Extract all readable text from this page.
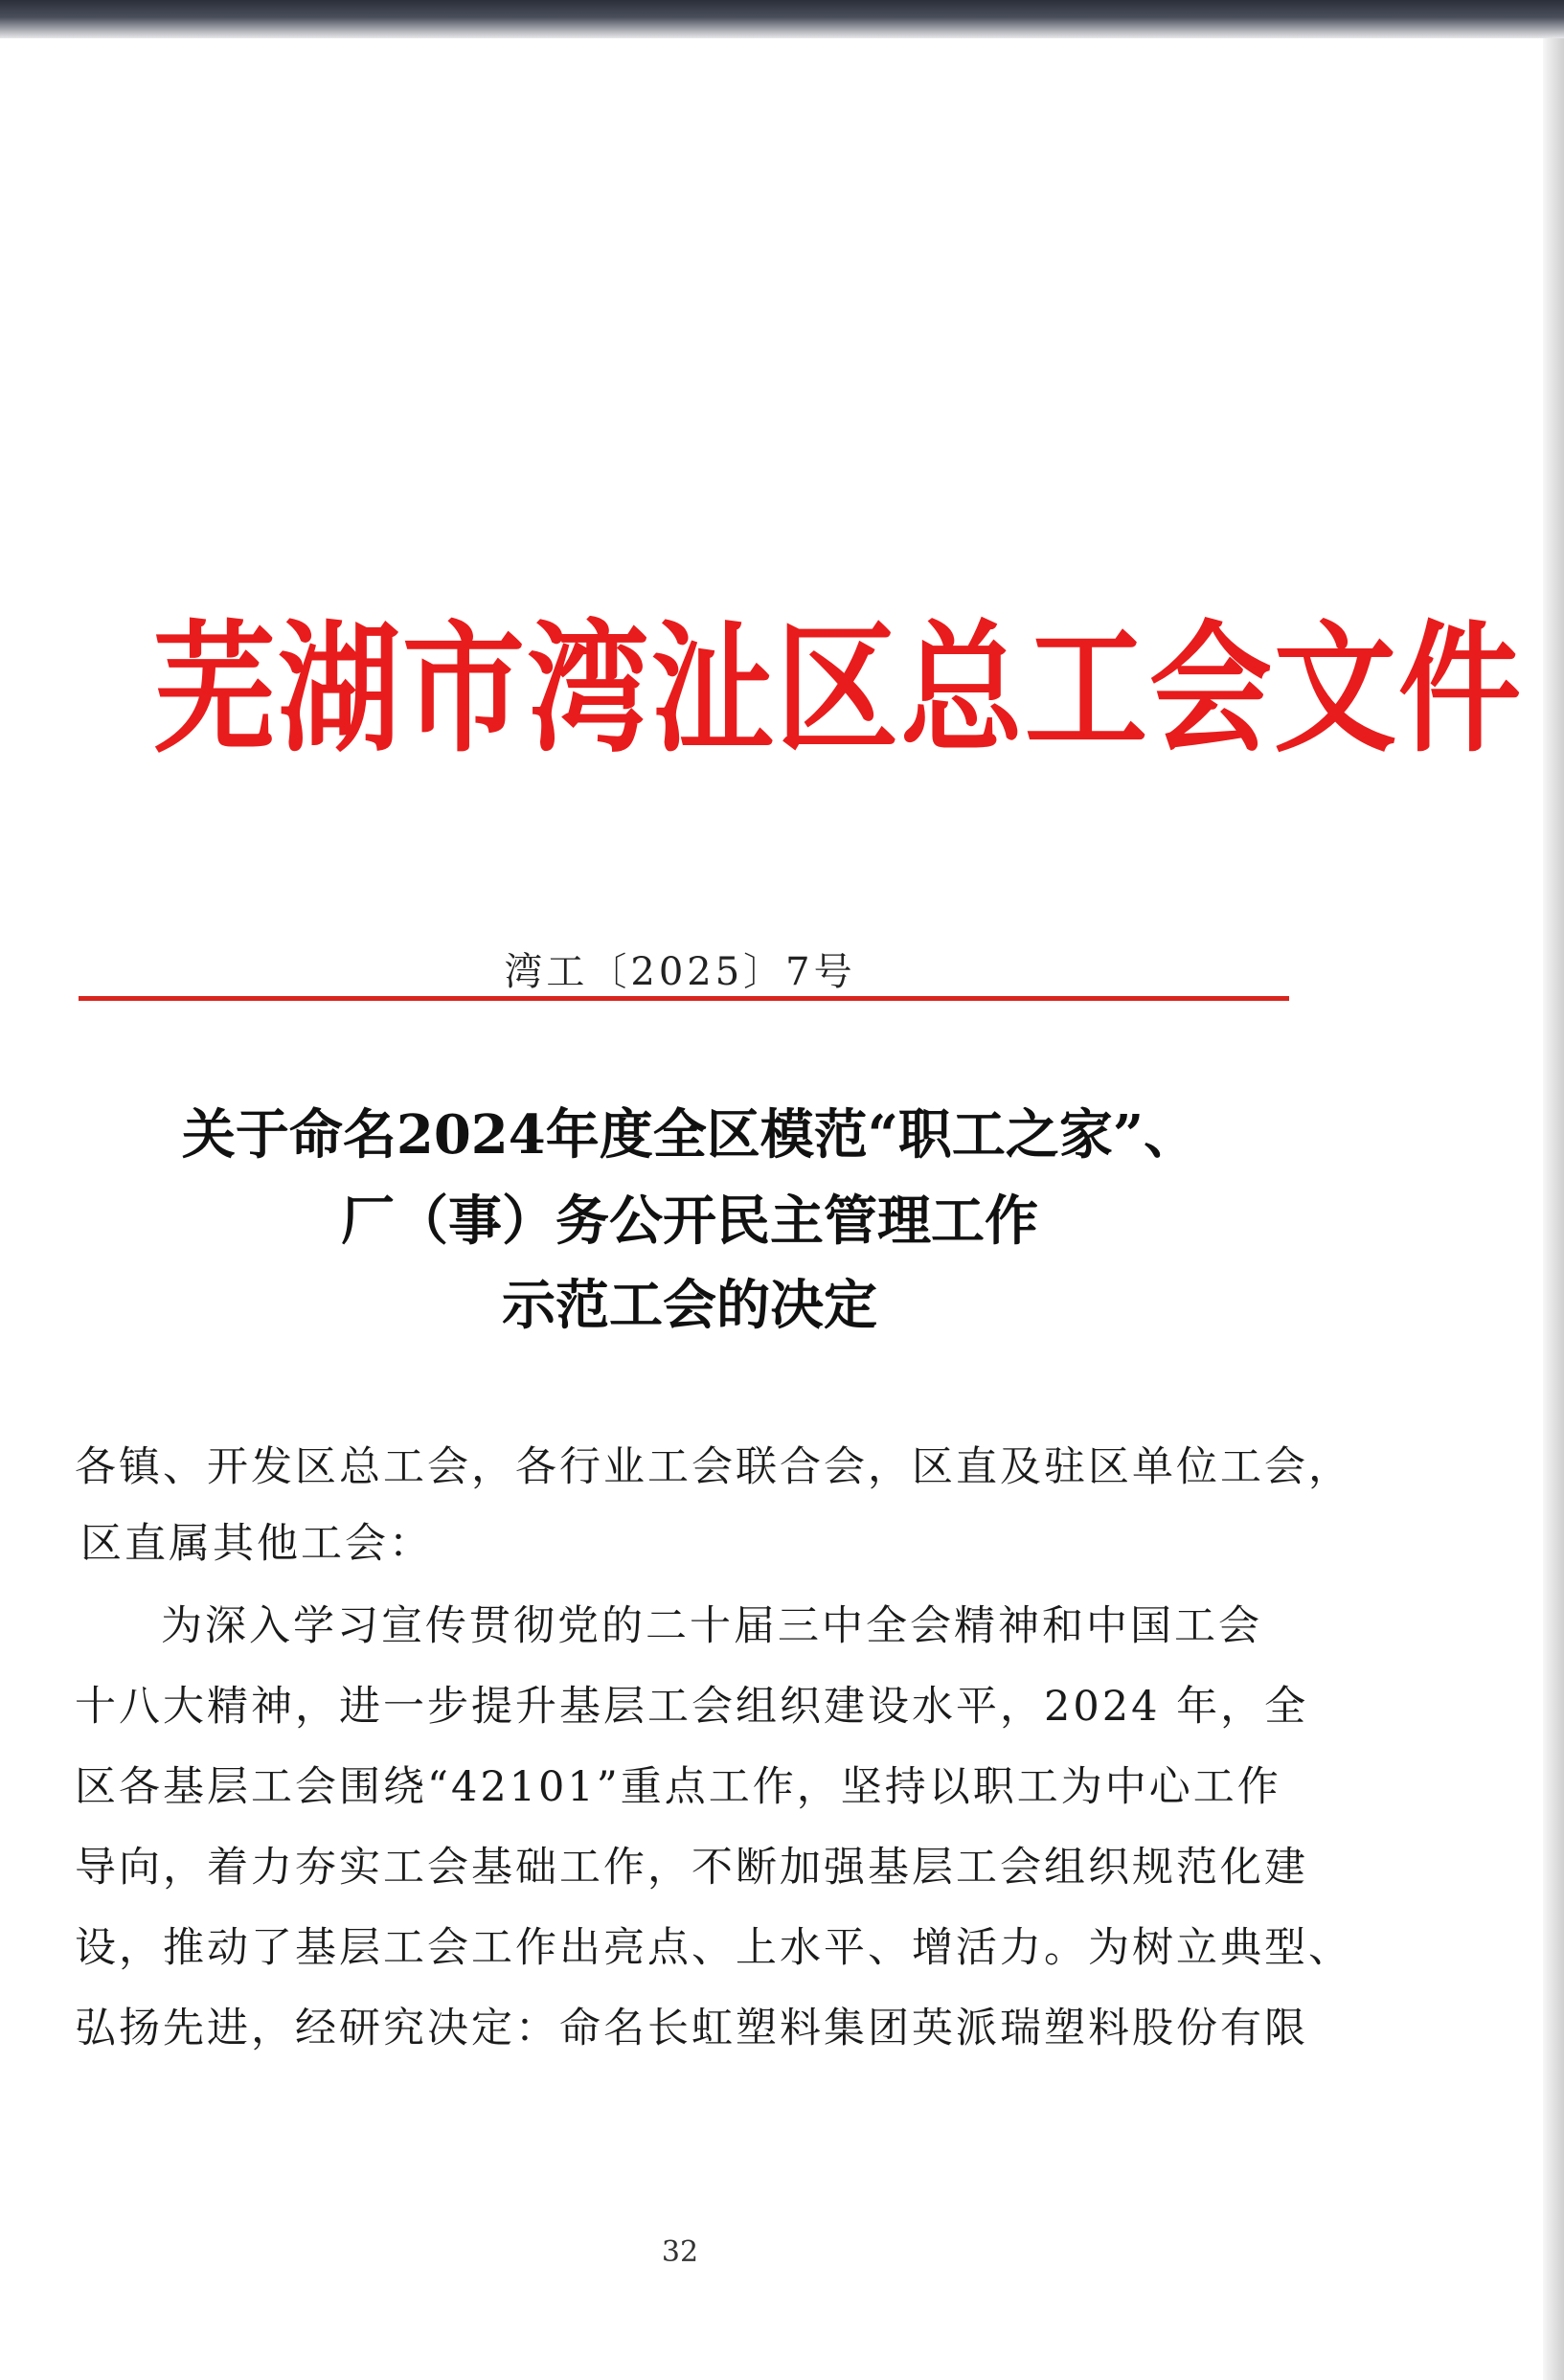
芜湖市湾沚区总工会文件
湾工〔2025〕7号
关于命名2024年度全区模范“职工之家”、
厂（事）务公开民主管理工作
示范工会的决定
各镇、开发区总工会，各行业工会联合会，区直及驻区单位工会，
区直属其他工会：
为深入学习宣传贯彻党的二十届三中全会精神和中国工会
十八大精神，进一步提升基层工会组织建设水平，2024 年，全
区各基层工会围绕“42101”重点工作，坚持以职工为中心工作
导向，着力夯实工会基础工作，不断加强基层工会组织规范化建
设，推动了基层工会工作出亮点、上水平、增活力。为树立典型、
弘扬先进，经研究决定：命名长虹塑料集团英派瑞塑料股份有限
32
